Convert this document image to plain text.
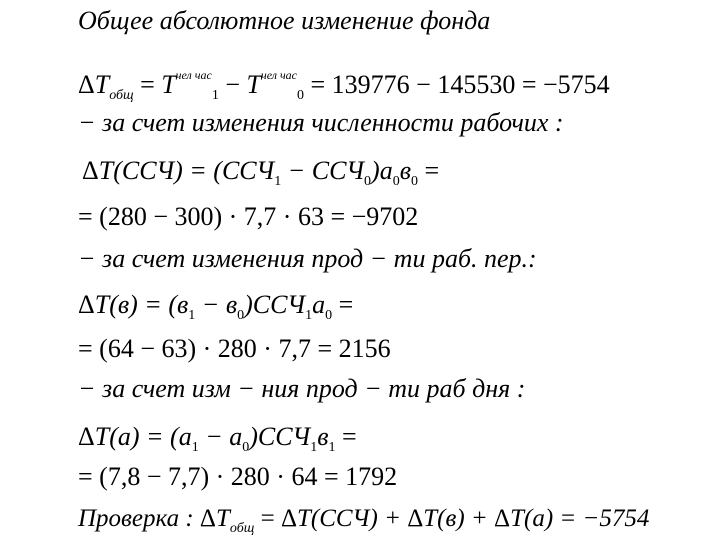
Общее абсолютное изменение фонда
$\Delta T_{общ} = T^{чел час}_1 - T^{чел час}_0 = 139776 - 145530 = -5754$
− за счет изменения численности рабочих :
$\Delta T(ССЧ) = (ССЧ_1 - ССЧ_0)a_0в_0$ =
= (280 − 300) · 7,7 · 63 = −9702
− за счет изменения прод − ти раб. пер.:
$\Delta T(в) = (в_1 - в_0)ССЧ_1a_0$ =
= (64 − 63) · 280 · 7,7 = 2156
− за счет изм − ния прод − ти раб дня :
$\Delta T(a) = (a_1 - a_0)ССЧ_1в_1$ =
= (7,8 − 7,7) · 280 · 64 = 1792
Проверка : $\Delta T_{общ} = \Delta T(ССЧ) + \Delta T(в) + \Delta T(a) = -5754$
